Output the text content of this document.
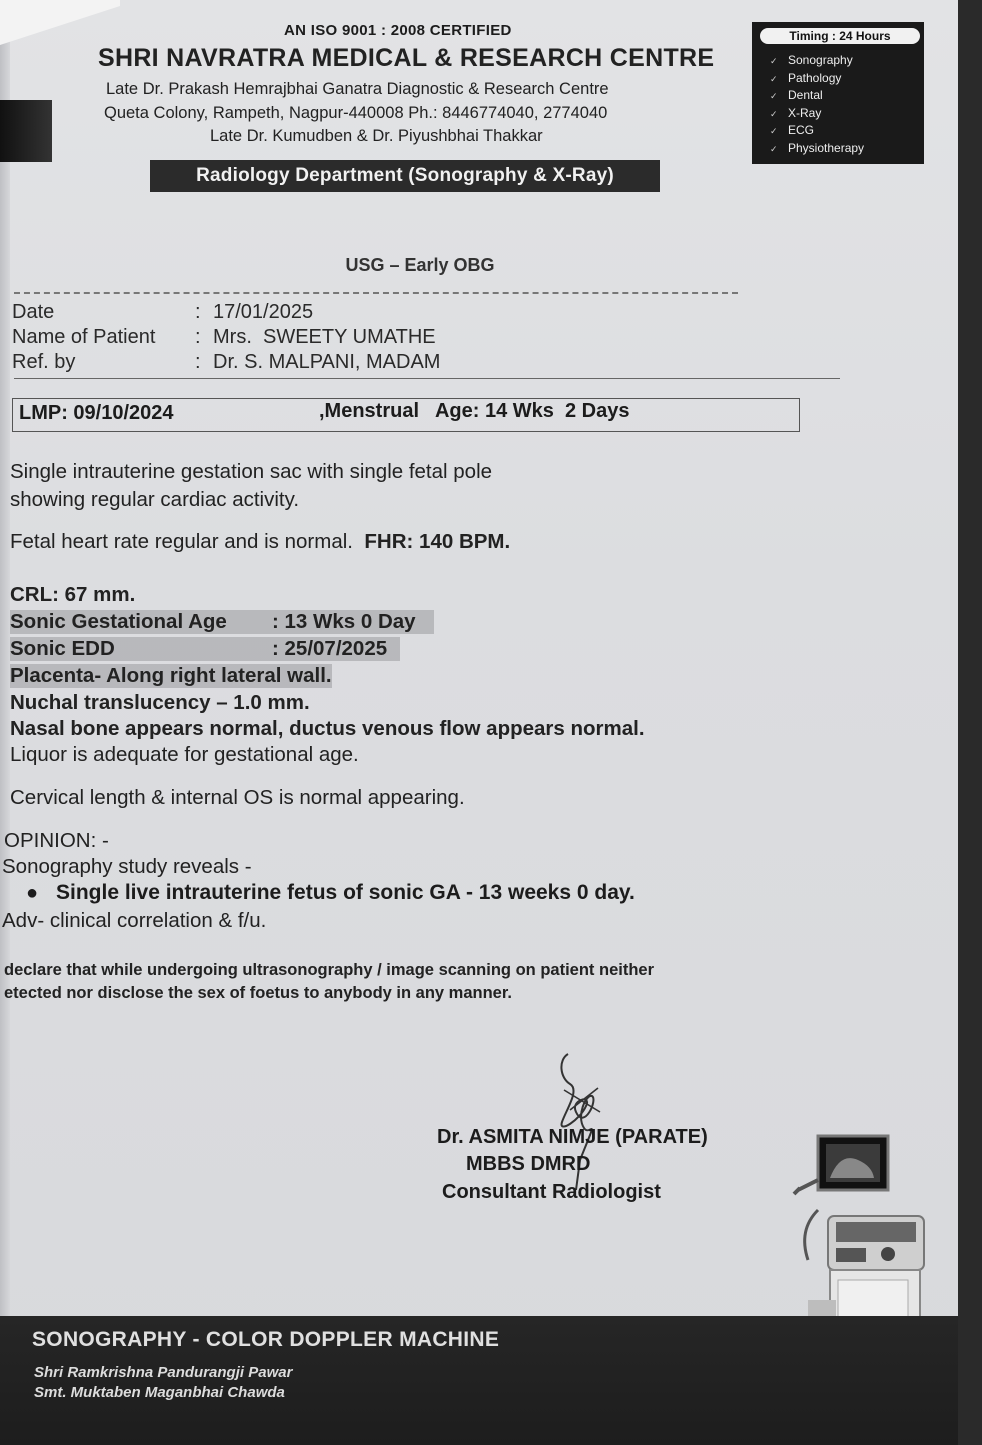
AN ISO 9001 : 2008 CERTIFIED
SHRI NAVRATRA MEDICAL & RESEARCH CENTRE
Late Dr. Prakash Hemrajbhai Ganatra Diagnostic & Research Centre
Queta Colony, Rampeth, Nagpur-440008 Ph.: 8446774040, 2774040
Late Dr. Kumudben & Dr. Piyushbhai Thakkar
Radiology Department (Sonography & X-Ray)
Timing : 24 Hours
✓ Sonography
✓ Pathology
✓ Dental
✓ X-Ray
✓ ECG
✓ Physiotherapy
USG – Early OBG
Date	: 17/01/2025
Name of Patient : Mrs.  SWEETY UMATHE
Ref. by	: Dr. S. MALPANI, MADAM
LMP: 09/10/2024	,Menstrual   Age: 14 Wks  2 Days
Single intrauterine gestation sac with single fetal pole
showing regular cardiac activity.
Fetal heart rate regular and is normal. FHR: 140 BPM.
CRL: 67 mm.
Sonic Gestational Age : 13 Wks 0 Day
Sonic EDD	: 25/07/2025
Placenta- Along right lateral wall.
Nuchal translucency – 1.0 mm.
Nasal bone appears normal, ductus venous flow appears normal.
Liquor is adequate for gestational age.
Cervical length & internal OS is normal appearing.
OPINION: -
Sonography study reveals -
● Single live intrauterine fetus of sonic GA - 13 weeks 0 day.
Adv- clinical correlation & f/u.
declare that while undergoing ultrasonography / image scanning on patient neither
etected nor disclose the sex of foetus to anybody in any manner.
Dr. ASMITA NIMJE (PARATE)
MBBS DMRD
Consultant Radiologist
SONOGRAPHY - COLOR DOPPLER MACHINE
Shri Ramkrishna Pandurangji Pawar
Smt. Muktaben Maganbhai Chawda
